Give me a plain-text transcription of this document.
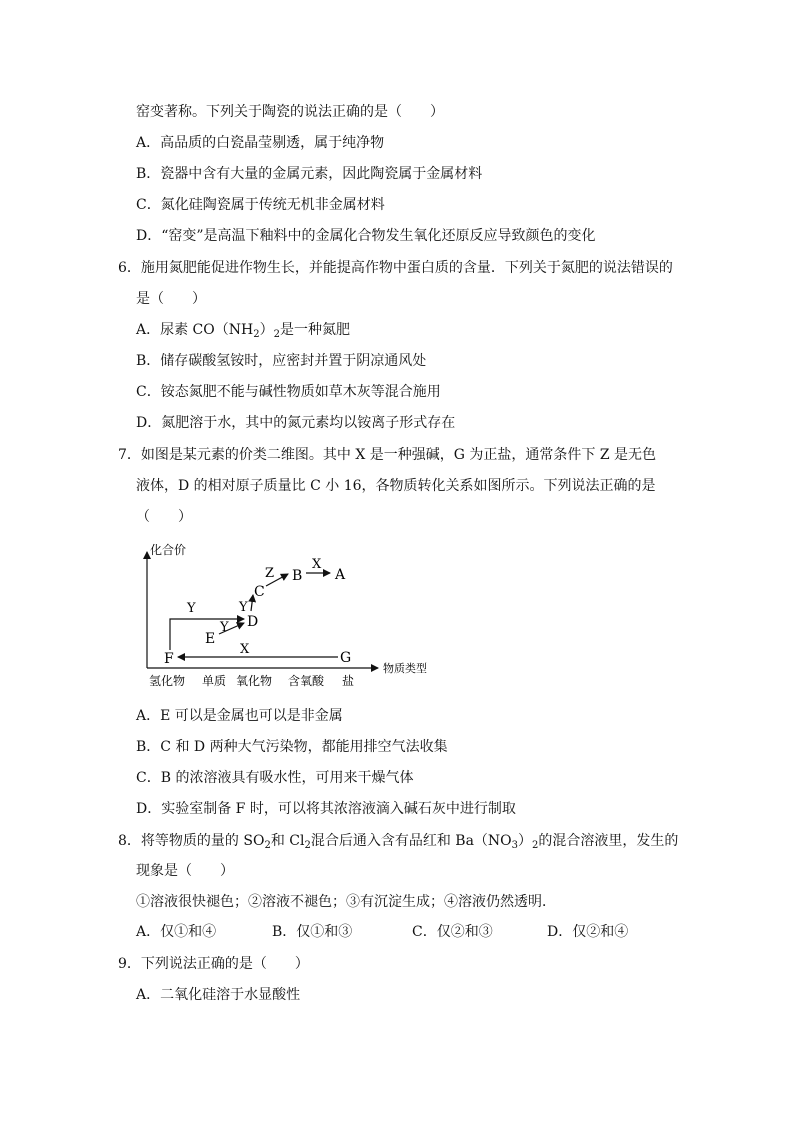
窑变著称。下列关于陶瓷的说法正确的是（　　）
A．高品质的白瓷晶莹剔透，属于纯净物
B．瓷器中含有大量的金属元素，因此陶瓷属于金属材料
C．氮化硅陶瓷属于传统无机非金属材料
D．“窑变”是高温下釉料中的金属化合物发生氧化还原反应导致颜色的变化
6．施用氮肥能促进作物生长，并能提高作物中蛋白质的含量．下列关于氮肥的说法错误的
是（　　）
A．尿素 $CO(NH_2)_2$是一种氮肥
B．储存碳酸氢铵时，应密封并置于阴凉通风处
C．铵态氮肥不能与碱性物质如草木灰等混合施用
D．氮肥溶于水，其中的氮元素均以铵离子形式存在
7．如图是某元素的价类二维图。其中 X 是一种强碱，G 为正盐，通常条件下 Z 是无色
液体，D 的相对原子质量比 C 小 16，各物质转化关系如图所示。下列说法正确的是
（　　）
化合价
物质类型
氢化物 单质 氧化物 含氧酸 盐
F	G
E
D
C
B A
X
Y
Y
Y
Z
X
A．E 可以是金属也可以是非金属
B．C 和 D 两种大气污染物，都能用排空气法收集
C．B 的浓溶液具有吸水性，可用来干燥气体
D．实验室制备 F 时，可以将其浓溶液滴入碱石灰中进行制取
8．将等物质的量的 $SO_2$和 $Cl_2$混合后通入含有品红和 $Ba(NO_3)_2$的混合溶液里，发生的
现象是（　　）
①溶液很快褪色；②溶液不褪色；③有沉淀生成；④溶液仍然透明．
A．仅①和④	B．仅①和③	C．仅②和③	D．仅②和④
9．下列说法正确的是（　　）
A．二氧化硅溶于水显酸性
